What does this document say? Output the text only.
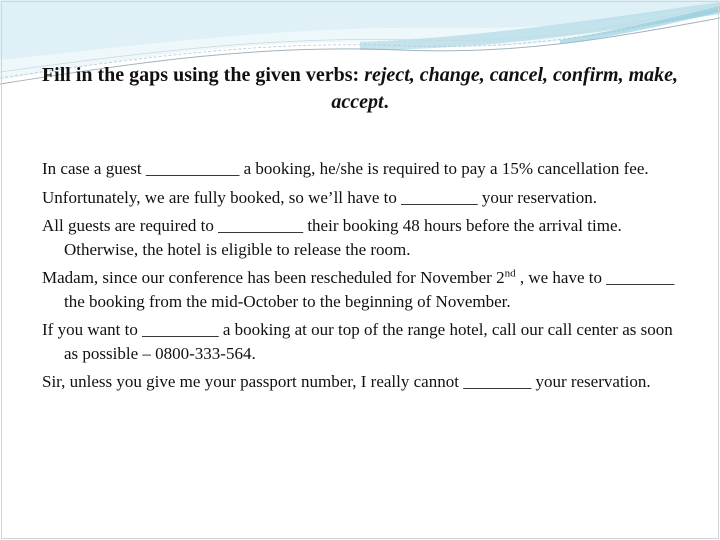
Fill in the gaps using the given verbs: reject, change, cancel, confirm, make, accept.
In case a guest ___________ a booking, he/she is required to pay a 15% cancellation fee.
Unfortunately, we are fully booked, so we’ll have to _________ your reservation.
All guests are required to __________ their booking 48 hours before the arrival time. Otherwise, the hotel is eligible to release the room.
Madam, since our conference has been rescheduled for November 2nd , we have to ________ the booking from the mid-October to the beginning of November.
If you want to _________ a booking at our top of the range hotel, call our call center as soon as possible – 0800-333-564.
Sir, unless you give me your passport number, I really cannot ________ your reservation.
